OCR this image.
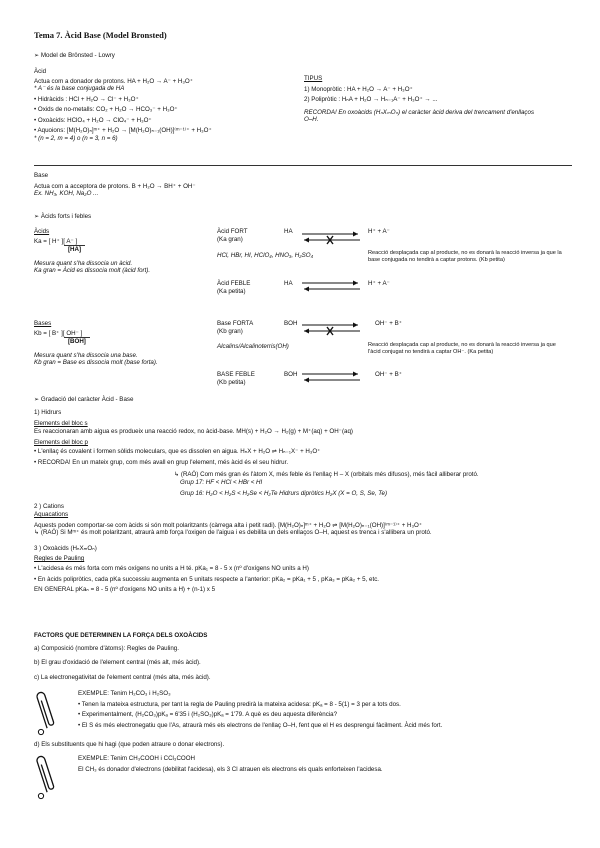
Tema 7. Àcid Base (Model Bronsted)
➢ Model de Brönsted - Lowry
Àcid
Actua com a donador de protons. HA + H₂O → A⁻ + H₃O⁺
* A⁻ és la base conjugada de HA
• Hidràcids : HCl + H₂O → Cl⁻ + H₃O⁺
• Oxids de no-metalls: CO₂ + H₂O → HCO₃⁻ + H₃O⁺
• Oxoàcids: HClO₄ + H₂O → ClO₄⁻ + H₃O⁺
• Aquoions: [M(H₂O)ₙ]ᵐ⁺ + H₂O → [M(H₂O)ₙ₋₁(OH)]⁽ᵐ⁻¹⁾⁺ + H₃O⁺
* (n = 2, m = 4) o (n = 3, n = 6)
TIPUS
1) Monopròtic : HA + H₂O → A⁻ + H₃O⁺
2) Polipròtic : HₙA + H₂O → Hₙ₋₁A⁻ + H₃O⁺ → ...
RECORDA! En oxoàcids (HₙXₘOₙ) el caràcter àcid deriva del trencament d'enllaços O–H.
Base
Actua com a acceptora de protons. B + H₂O → BH⁺ + OH⁻
Ex. NH₃, KOH, Na₂O ...
➢ Àcids forts i febles
Àcids
Ka = [ H⁺ ][ A⁻ ]
[HA]
Mesura quant s'ha dissocia un àcid.
Ka gran = Àcid es dissocia molt (àcid fort).
Àcid FORT
(Ka gran)
HA	H⁺ + A⁻
HCl, HBr, HI, HClO₄, HNO₃, H₂SO₄	Reacció desplaçada cap al producte, no es donarà la reacció inversa ja que la base conjugada no tendirà a captar protons. (Kb petita)
Àcid FEBLE
(Ka petita)
HA	H⁺ + A⁻
Bases
Kb = [ B⁺ ][ OH⁻ ]
[BOH]
Mesura quant s'ha dissocia una base.
Kb gran = Base es dissocia molt (base forta).
Base FORTA
(Kb gran)
BOH	OH⁻ + B⁺
Alcalins/Alcalinoterris(OH)	Reacció desplaçada cap al producte, no es donarà la reacció inversa ja que l'àcid conjugat no tendirà a captar OH⁻. (Ka petita)
BASE FEBLE
(Kb petita)
BOH	OH⁻ + B⁺
➢ Gradació del caràcter Àcid - Base
1) Hidrurs
Elements del bloc s
Es reaccionaran amb aigua es produeix una reacció redox, no àcid-base. MH(s) + H₂O → H₂(g) + M⁺(aq) + OH⁻(aq)
Elements del bloc p
• L'enllaç és covalent i formen sòlids moleculars, que es dissolen en aigua. HₙX + H₂O ⇌ Hₙ₋₁X⁻ + H₃O⁺
• RECORDA! En un mateix grup, com més avall en grup l'element, més àcid és el seu hidrur.
↳ (RAÓ) Com més gran és l'àtom X, més feble és l'enllaç H – X (orbitals més difusos), més fàcil alliberar protó.
Grup 17: HF < HCl < HBr < HI
Grup 16: H₂O < H₂S < H₂Se < H₂Te Hidrurs dipròtics H₂X (X = O, S, Se, Te)
2 ) Cations
Aquacations
Aquests poden comportar-se com àcids si són molt polaritzants (càrrega alta i petit radi). [M(H₂O)ₙ]ᵐ⁺ + H₂O ⇌ [M(H₂O)ₙ₋₁(OH)]⁽ᵐ⁻¹⁾⁺ + H₃O⁺
↳ (RAÓ) Si Mᵐ⁺ és molt polaritzant, atraurà amb força l'oxigen de l'aigua i es debilita un dels enllaços O–H, aquest es trenca i s'allibera un protó.
3 ) Oxoàcids (HₙXₘOₙ)
Regles de Pauling
• L'acidesa és més forta com més oxígens no units a H té. pKa₁ = 8 - 5 x (nº d'oxígens NO units a H)
• En àcids polipròtics, cada pKa successiu augmenta en 5 unitats respecte a l'anterior: pKa₂ = pKa₁ + 5 , pKa₃ = pKa₂ + 5, etc.
EN GENERAL pKaₙ = 8 - 5 (nº d'oxígens NO units a H) + (n-1) x 5
FACTORS QUE DETERMINEN LA FORÇA DELS OXOÀCIDS
a) Composició (nombre d'àtoms): Regles de Pauling.
b) El grau d'oxidació de l'element central (més alt, més àcid).
c) La electronegativitat de l'element central (més alta, més àcid).
EXEMPLE: Tenim H₂CO₃ i H₂SO₃
• Tenen la mateixa estructura, per tant la regla de Pauling predirà la mateixa acidesa: pKₐ = 8 - 5(1) = 3 per a tots dos.
• Experimentalment, (H₂CO₃)pKₐ = 6'35 i (H₂SO₃)pKₐ = 1'79. A què es deu aquesta diferència?
• El S és més electronegatiu que l'As, atraurà més els electrons de l'enllaç O–H, fent que el H es desprengui fàcilment. Àcid més fort.
d) Els substituents que hi hagi (que poden atraure o donar electrons).
EXEMPLE: Tenim CH₃COOH i CCl₃COOH
El CH₃ és donador d'electrons (debilitat l'acidesa), els 3 Cl atrauen els electrons els quals enforteixen l'acidesa.
